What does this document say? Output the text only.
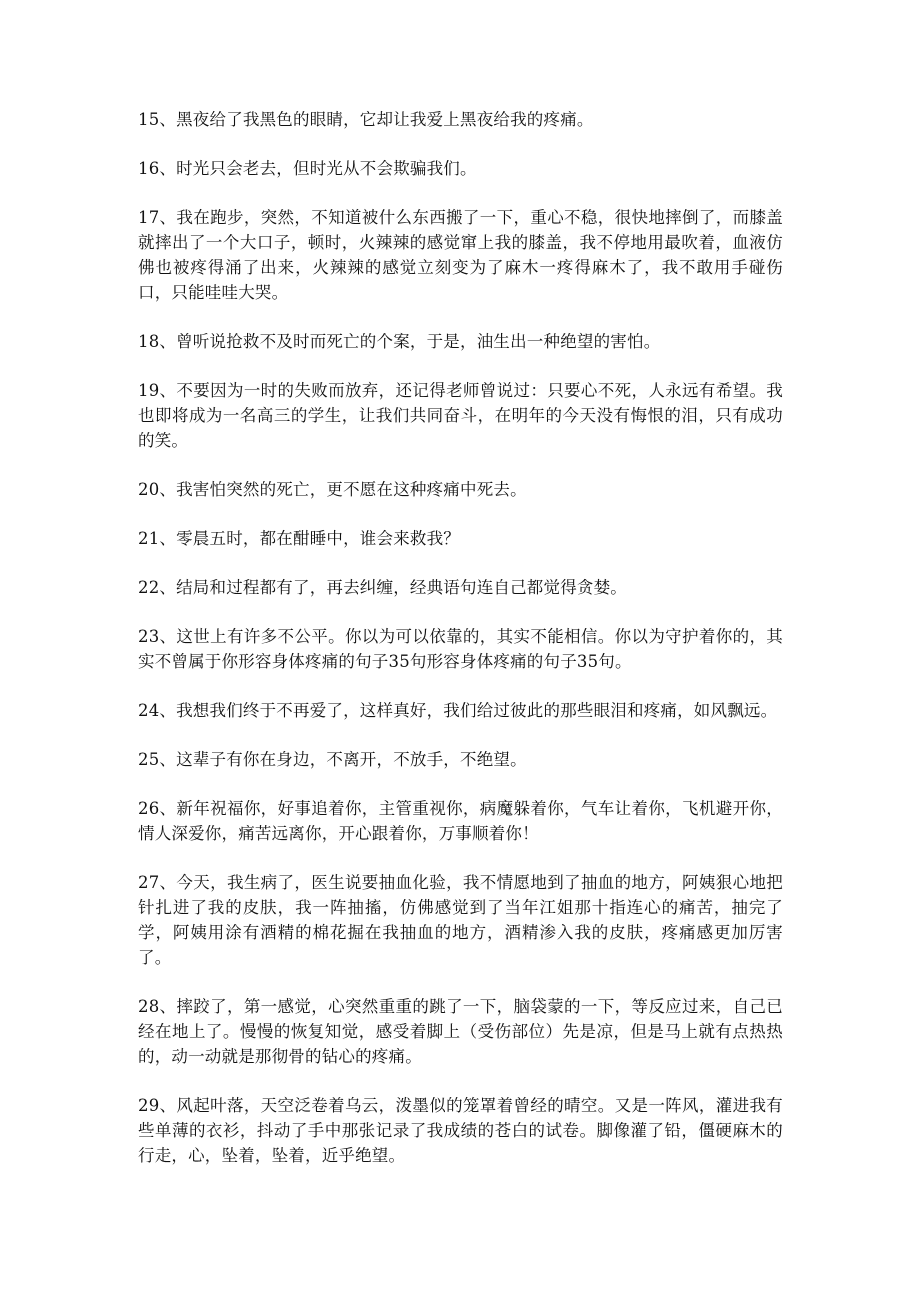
15、黑夜给了我黑色的眼睛，它却让我爱上黑夜给我的疼痛。

16、时光只会老去，但时光从不会欺骗我们。

17、我在跑步，突然，不知道被什么东西搬了一下，重心不稳，很快地摔倒了，而膝盖就摔出了一个大口子，顿时，火辣辣的感觉窜上我的膝盖，我不停地用最吹着，血液仿佛也被疼得涌了出来，火辣辣的感觉立刻变为了麻木一疼得麻木了，我不敢用手碰伤口，只能哇哇大哭。

18、曾听说抢救不及时而死亡的个案，于是，油生出一种绝望的害怕。

19、不要因为一时的失败而放弃，还记得老师曾说过：只要心不死，人永远有希望。我也即将成为一名高三的学生，让我们共同奋斗，在明年的今天没有悔恨的泪，只有成功的笑。

20、我害怕突然的死亡，更不愿在这种疼痛中死去。

21、零晨五时，都在酣睡中，谁会来救我？

22、结局和过程都有了，再去纠缠，经典语句连自己都觉得贪婪。

23、这世上有许多不公平。你以为可以依靠的，其实不能相信。你以为守护着你的，其实不曾属于你形容身体疼痛的句子35句形容身体疼痛的句子35句。

24、我想我们终于不再爱了，这样真好，我们给过彼此的那些眼泪和疼痛，如风飘远。

25、这辈子有你在身边，不离开，不放手，不绝望。

26、新年祝福你，好事追着你，主管重视你，病魔躲着你，气车让着你，飞机避开你，情人深爱你，痛苦远离你，开心跟着你，万事顺着你！

27、今天，我生病了，医生说要抽血化验，我不情愿地到了抽血的地方，阿姨狠心地把针扎进了我的皮肤，我一阵抽搐，仿佛感觉到了当年江姐那十指连心的痛苦，抽完了学，阿姨用涂有酒精的棉花掘在我抽血的地方，酒精渗入我的皮肤，疼痛感更加厉害了。

28、摔跤了，第一感觉，心突然重重的跳了一下，脑袋蒙的一下，等反应过来，自己已经在地上了。慢慢的恢复知觉，感受着脚上（受伤部位）先是凉，但是马上就有点热热的，动一动就是那彻骨的钻心的疼痛。

29、风起叶落，天空泛卷着乌云，泼墨似的笼罩着曾经的晴空。又是一阵风，灌进我有些单薄的衣衫，抖动了手中那张记录了我成绩的苍白的试卷。脚像灌了铅，僵硬麻木的行走，心，坠着，坠着，近乎绝望。
